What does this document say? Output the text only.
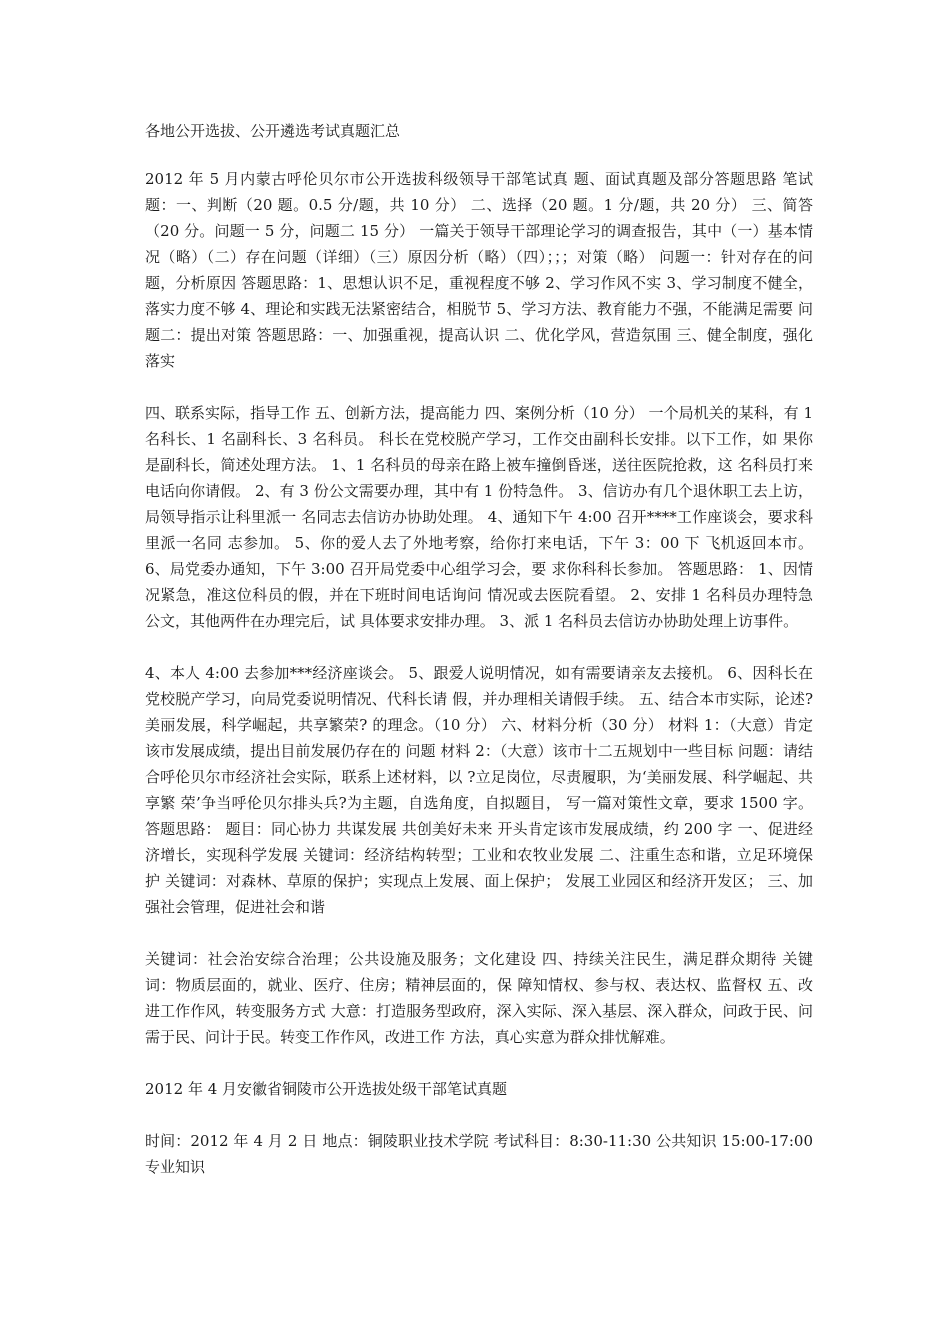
各地公开选拔、公开遴选考试真题汇总

2012 年 5 月内蒙古呼伦贝尔市公开选拔科级领导干部笔试真 题、面试真题及部分答题思路 笔试题：一、判断（20 题。0.5 分/题，共 10 分） 二、选择（20 题。1 分/题，共 20 分） 三、简答（20 分。问题一 5 分，问题二 15 分） 一篇关于领导干部理论学习的调查报告，其中（一）基本情 况（略）（二）存在问题（详细）（三）原因分析（略）（四）；；；对策（略） 问题一：针对存在的问题，分析原因 答题思路：1、思想认识不足，重视程度不够 2、学习作风不实 3、学习制度不健全，落实力度不够 4、理论和实践无法紧密结合，相脱节 5、学习方法、教育能力不强，不能满足需要 问题二：提出对策 答题思路：一、加强重视，提高认识 二、优化学风，营造氛围 三、健全制度，强化落实

四、联系实际，指导工作 五、创新方法，提高能力 四、案例分析（10 分） 一个局机关的某科，有 1 名科长、1 名副科长、3 名科员。 科长在党校脱产学习，工作交由副科长安排。以下工作，如 果你是副科长，简述处理方法。 1、1 名科员的母亲在路上被车撞倒昏迷，送往医院抢救，这 名科员打来电话向你请假。 2、有 3 份公文需要办理，其中有 1 份特急件。 3、信访办有几个退休职工去上访，局领导指示让科里派一 名同志去信访办协助处理。 4、通知下午 4:00 召开****工作座谈会，要求科里派一名同 志参加。 5、你的爱人去了外地考察，给你打来电话，下午 3：00 下 飞机返回本市。 6、局党委办通知，下午 3:00 召开局党委中心组学习会，要 求你科科长参加。 答题思路： 1、因情况紧急，准这位科员的假，并在下班时间电话询问 情况或去医院看望。 2、安排 1 名科员办理特急公文，其他两件在办理完后，试 具体要求安排办理。 3、派 1 名科员去信访办协助处理上访事件。

4、本人 4:00 去参加***经济座谈会。 5、跟爱人说明情况，如有需要请亲友去接机。 6、因科长在党校脱产学习，向局党委说明情况、代科长请 假，并办理相关请假手续。 五、结合本市实际，论述?美丽发展，科学崛起，共享繁荣? 的理念。（10 分） 六、材料分析（30 分） 材料 1：（大意）肯定该市发展成绩，提出目前发展仍存在的 问题 材料 2：（大意）该市十二五规划中一些目标 问题：请结合呼伦贝尔市经济社会实际，联系上述材料，以 ?立足岗位，尽责履职，为‘美丽发展、科学崛起、共享繁 荣’争当呼伦贝尔排头兵?为主题，自选角度，自拟题目， 写一篇对策性文章，要求 1500 字。 答题思路： 题目：同心协力 共谋发展 共创美好未来 开头肯定该市发展成绩，约 200 字 一、促进经济增长，实现科学发展 关键词：经济结构转型；工业和农牧业发展 二、注重生态和谐，立足环境保护 关键词：对森林、草原的保护；实现点上发展、面上保护； 发展工业园区和经济开发区； 三、加强社会管理，促进社会和谐

关键词：社会治安综合治理；公共设施及服务；文化建设 四、持续关注民生，满足群众期待 关键词：物质层面的，就业、医疗、住房；精神层面的，保 障知情权、参与权、表达权、监督权 五、改进工作作风，转变服务方式 大意：打造服务型政府，深入实际、深入基层、深入群众，问政于民、问需于民、问计于民。转变工作作风，改进工作 方法，真心实意为群众排忧解难。

2012 年 4 月安徽省铜陵市公开选拔处级干部笔试真题

时间：2012 年 4 月 2 日 地点：铜陵职业技术学院 考试科目：8:30-11:30 公共知识 15:00-17:00 专业知识
